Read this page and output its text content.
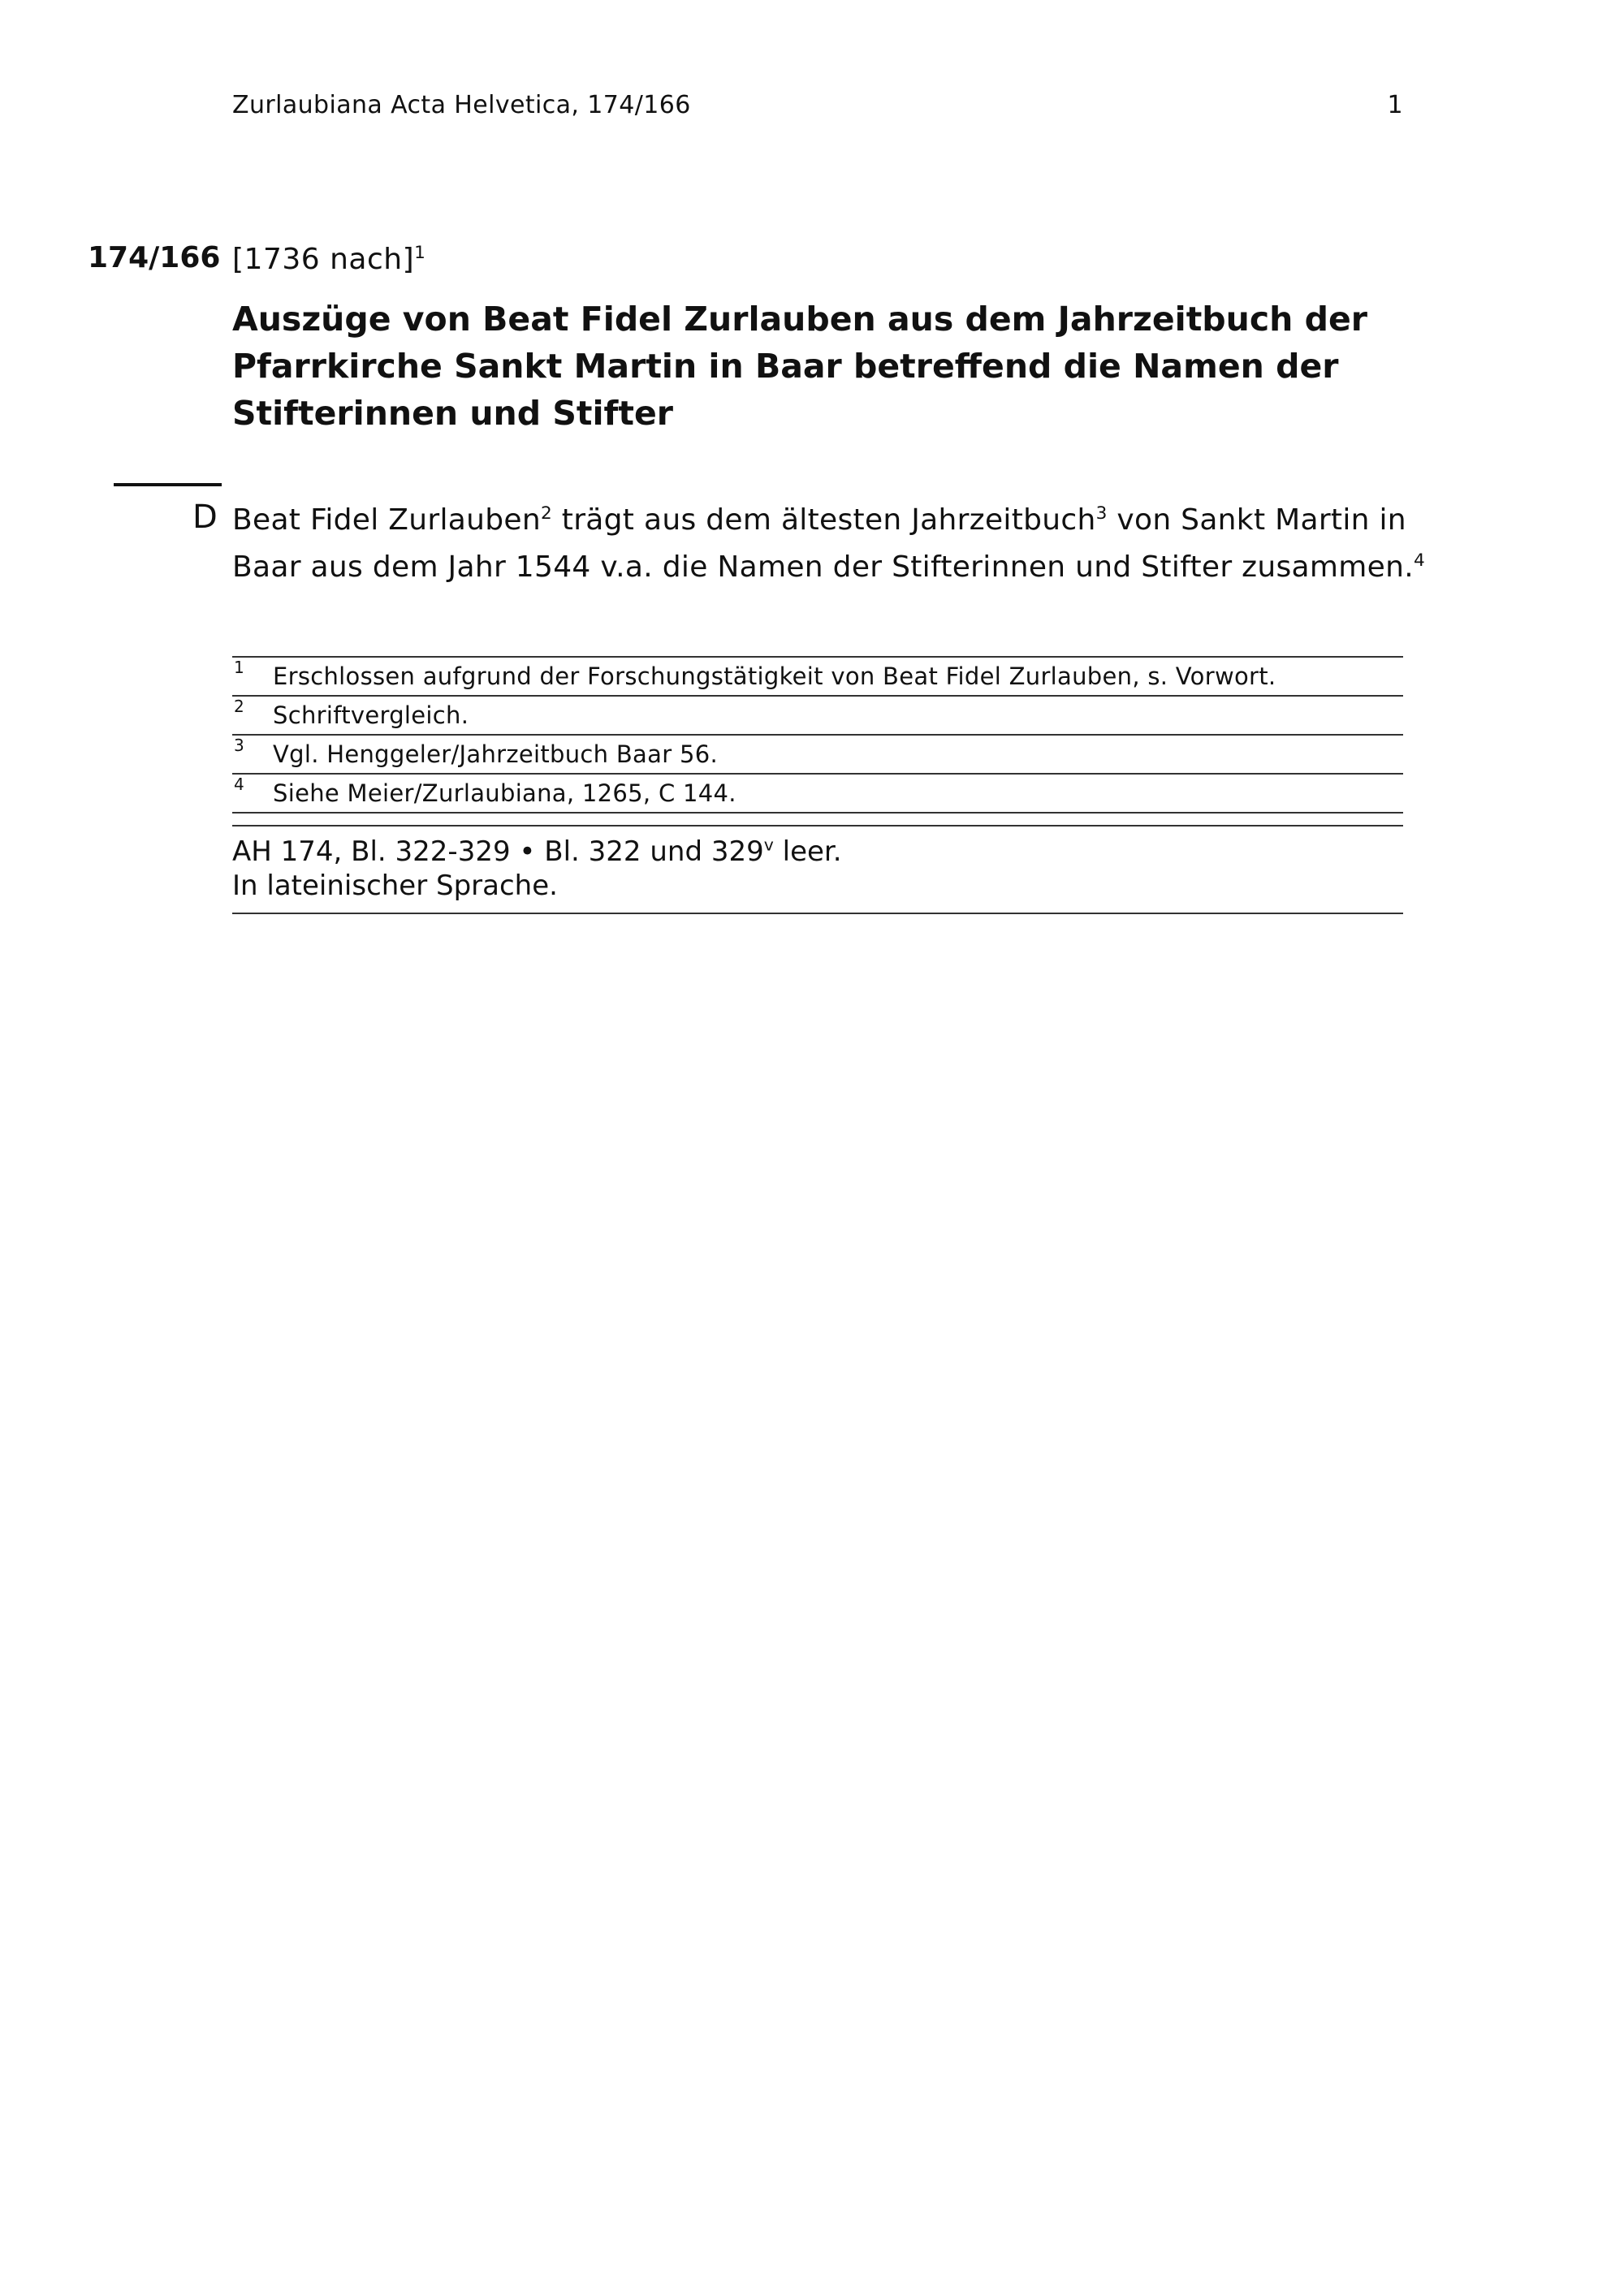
Zurlaubiana Acta Helvetica, 174/166	1
174/166 [1736 nach]$^1$
Auszüge von Beat Fidel Zurlauben aus dem Jahrzeitbuch der
Pfarrkirche Sankt Martin in Baar betreffend die Namen der
Stifterinnen und Stifter
D Beat Fidel Zurlauben$^2$ trägt aus dem ältesten Jahrzeitbuch$^3$ von Sankt Martin in
Baar aus dem Jahr 1544 v.a. die Namen der Stifterinnen und Stifter zusammen.$^4$
1 Erschlossen aufgrund der Forschungstätigkeit von Beat Fidel Zurlauben, s. Vorwort.
2 Schriftvergleich.
3 Vgl. Henggeler/Jahrzeitbuch Baar 56.
4 Siehe Meier/Zurlaubiana, 1265, C 144.
AH 174, Bl. 322-329 • Bl. 322 und 329$^v$ leer.
In lateinischer Sprache.
